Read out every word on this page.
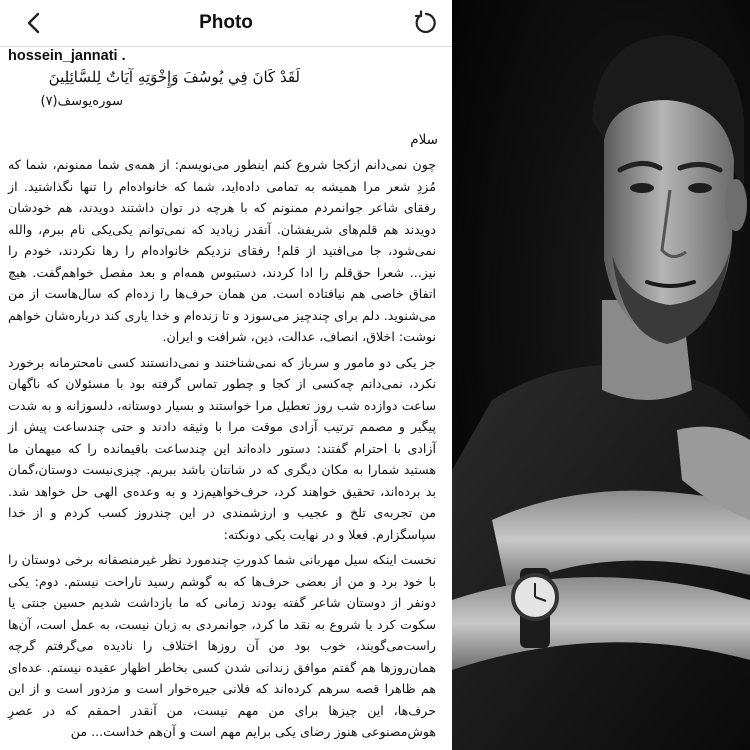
Photo
hossein_jannati .
لَقَدْ كَانَ فِي يُوسُفَ وَإِخْوَتِهِ آيَاتٌ لِلسَّائِلِينَ
سوره‌یوسف(۷)
سلام

چون نمی‌دانم ازکجا شروع کنم اینطور می‌نویسم: از همه‌ی شما ممنونم، شما که مُزدِ شعر مرا همیشه به تمامی داده‌اید، شما که خانواده‌ام را تنها نگذاشتید. از رفقای شاعر جوانمردم ممنونم که با هرچه در توان داشتند دویدند، هم خودشان دویدند هم قلم‌های شریفشان. آنقدر زیادید که نمی‌توانم یکی‌یکی نام ببرم، والله نمی‌شود، جا می‌افتید از قلم! رفقای نزدیکم خانواده‌ام را رها نکردند، خودم را نیز... شعرا حق‌قلم را ادا کردند، دستبوس همه‌ام و بعد مفصل خواهم‌گفت. هیچ اتفاق خاصی هم نیافتاده است. من همان حرف‌ها را زده‌ام که سال‌هاست از من می‌شنوید. دلم برای چندچیز می‌سوزد و تا زنده‌ام و خدا یاری کند درباره‌شان خواهم نوشت: اخلاق، انصاف، عدالت، دین، شرافت و ایران.

جز یکی دو مامور و سرباز که نمی‌شناختند و نمی‌دانستند کسی نامحترمانه برخورد نکرد، نمی‌دانم چه‌کسی از کجا و چطور تماس گرفته بود با مسئولان که ناگهان ساعت دوازده شب روز تعطیل مرا خواستند و بسیار دوستانه، دلسوزانه و به شدت پیگیر و مصمم ترتیب آزادی موقت مرا با وثیقه دادند و حتی چندساعت پیش از آزادی با احترام گفتند: دستور داده‌اند این چندساعت باقیمانده را که میهمان ما هستید شمارا به مکان دیگری که در شانتان باشد ببریم. چیزی‌نیست دوستان،گمان بد برده‌اند، تحقیق خواهند کرد، حرف‌خواهیم‌زد و به وعده‌ی الهی حل خواهد شد. من تجربه‌ی تلخ و عجیب و ارزشمندی در این چندروز کسب کردم و از خدا سپاسگزارم. فعلا و در نهایت یکی دونکته:

نخست اینکه سیل مهربانی شما کدورتِ چندمورد نظر غیرمنصفانه برخی دوستان را با خود برد و من از بعضی حرف‌ها که به گوشم رسید ناراحت نیستم. دوم: یکی دونفر از دوستان شاعر گفته بودند زمانی که ما بازداشت شدیم حسین جنتی یا سکوت کرد یا شروع به نقد ما کرد، جوانمردی به زبان نیست، به عمل است، آن‌ها راست‌می‌گویند، خوب بود من آن روزها اختلاف را نادیده می‌گرفتم گرچه همان‌روزها هم گفتم موافق زندانی شدن کسی بخاطر اظهار عقیده نیستم. عده‌ای هم ظاهرا قصه سرهم کرده‌اند که فلانی جیره‌خوار است و مزدور است و از این حرف‌ها، این چیزها برای من مهم نیست، من آنقدر احمقم که در عصرِ هوش‌مصنوعی هنوز رضای یکی برایم مهم است و آن‌هم خداست... من
